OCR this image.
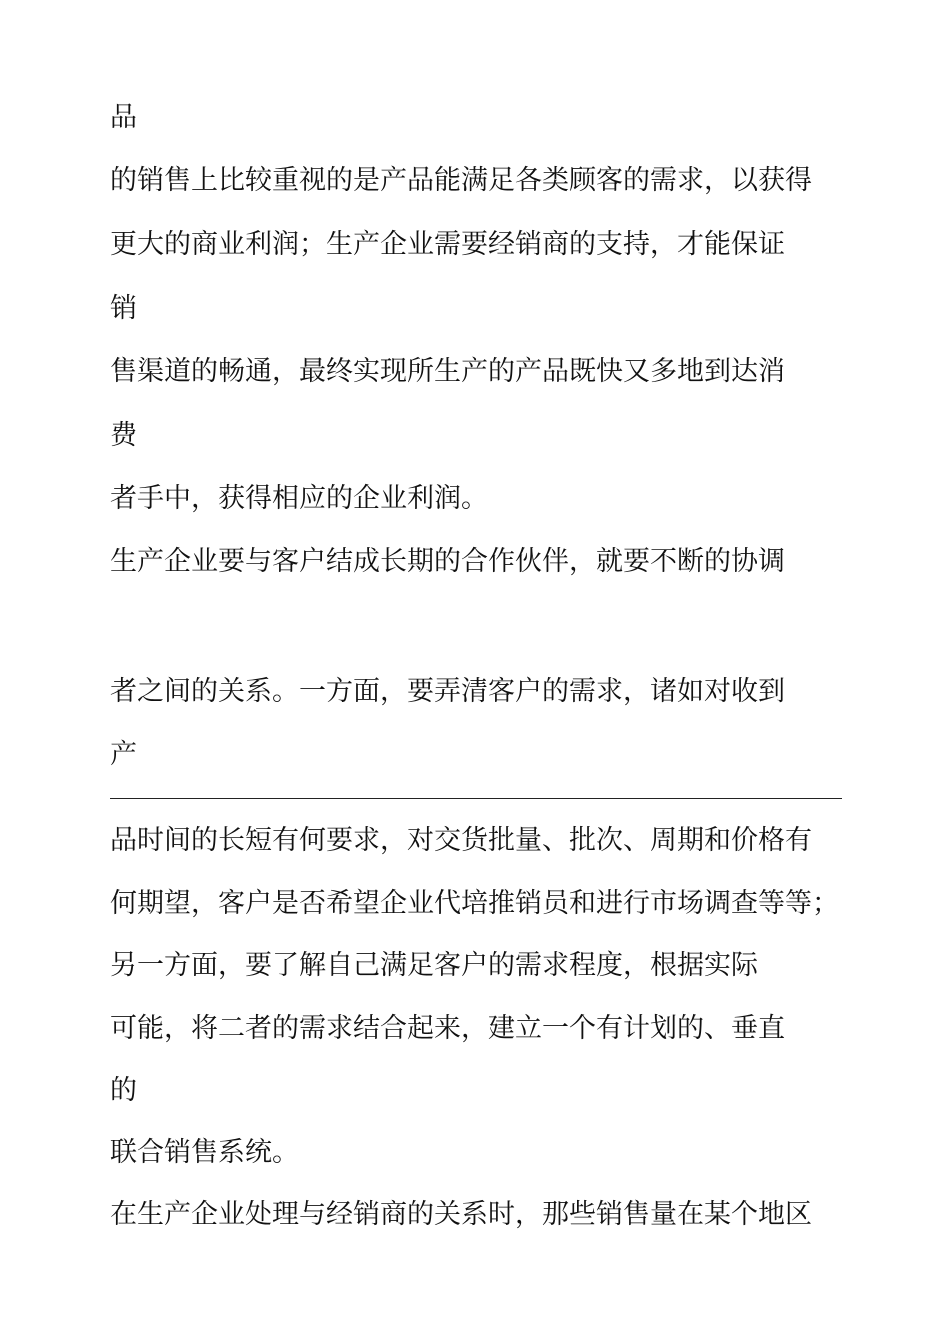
品
的销售上比较重视的是产品能满足各类顾客的需求，以获得
更大的商业利润；生产企业需要经销商的支持，才能保证
销
售渠道的畅通，最终实现所生产的产品既快又多地到达消
费
者手中，获得相应的企业利润。
生产企业要与客户结成长期的合作伙伴，就要不断的协调
者之间的关系。一方面，要弄清客户的需求，诸如对收到
产
品时间的长短有何要求，对交货批量、批次、周期和价格有
何期望，客户是否希望企业代培推销员和进行市场调查等等；
另一方面，要了解自己满足客户的需求程度，根据实际
可能，将二者的需求结合起来，建立一个有计划的、垂直
的
联合销售系统。
在生产企业处理与经销商的关系时，那些销售量在某个地区
